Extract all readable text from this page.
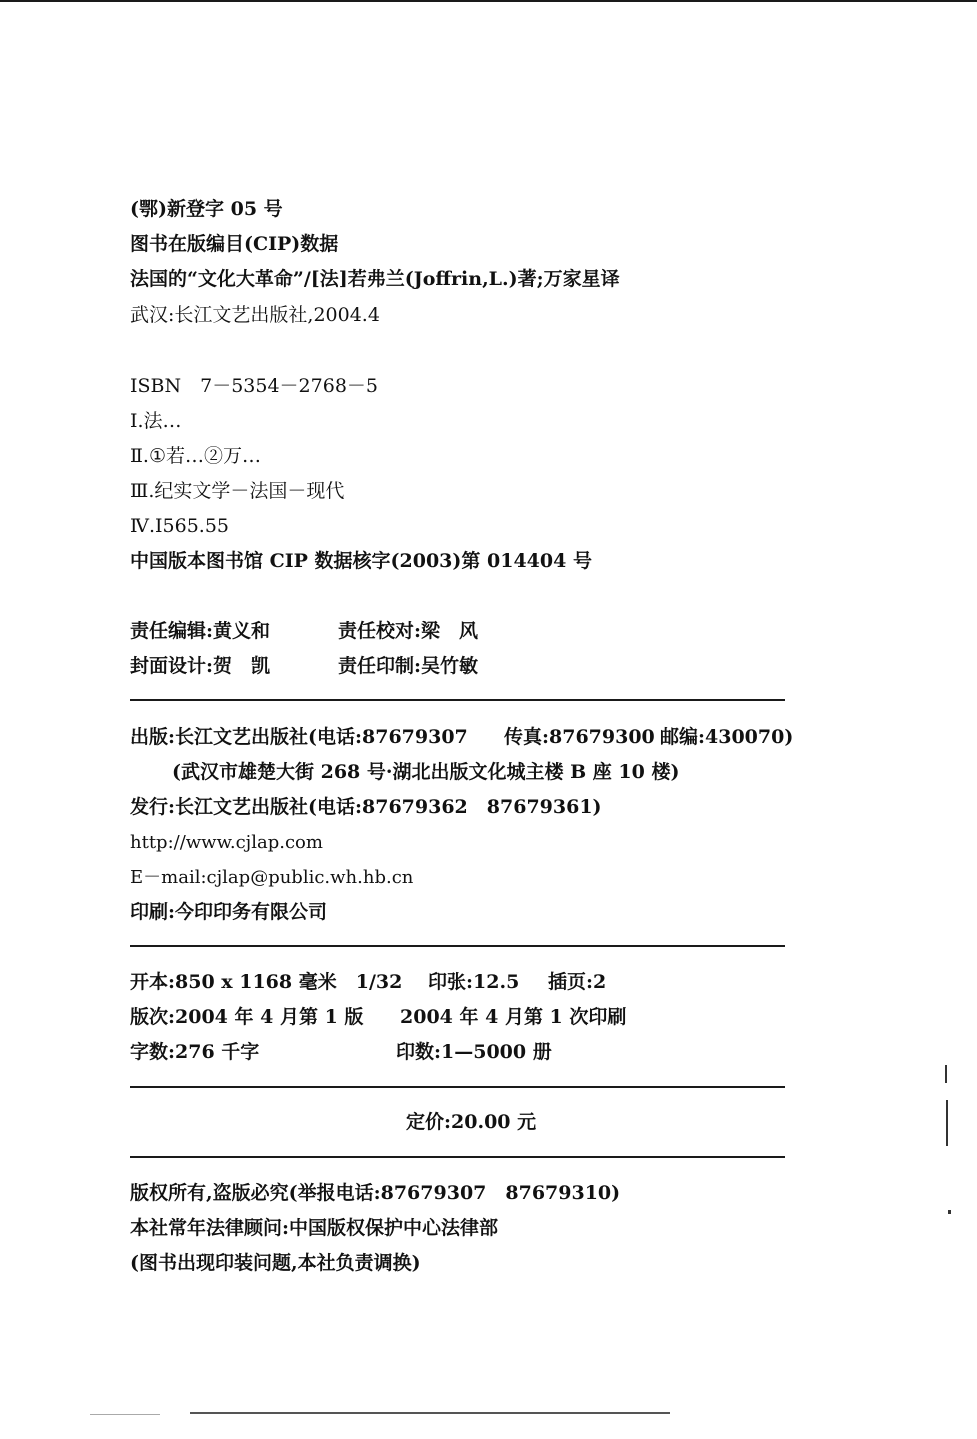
(鄂)新登字 05 号
图书在版编目(CIP)数据
法国的“文化大革命”/[法]若弗兰(Joffrin,L.)著;万家星译
武汉:长江文艺出版社,2004.4
ISBN　7－5354－2768－5
Ⅰ.法…
Ⅱ.①若…②万…
Ⅲ.纪实文学－法国－现代
Ⅳ.I565.55
中国版本图书馆 CIP 数据核字(2003)第 014404 号
责任编辑:黄义和	责任校对:梁　风
封面设计:贺　凯	责任印制:吴竹敏
出版:长江文艺出版社(电话:87679307 传真:87679300 邮编:430070)
(武汉市雄楚大街 268 号·湖北出版文化城主楼 B 座 10 楼)
发行:长江文艺出版社(电话:87679362　87679361)
http://www.cjlap.com
E－mail:cjlap@public.wh.hb.cn
印刷:今印印务有限公司
开本:850 x 1168 毫米　1/32 印张:12.5 插页:2
版次:2004 年 4 月第 1 版 2004 年 4 月第 1 次印刷
字数:276 千字	印数:1—5000 册
定价:20.00 元
版权所有,盗版必究(举报电话:87679307　87679310)
本社常年法律顾问:中国版权保护中心法律部
(图书出现印装问题,本社负责调换)
